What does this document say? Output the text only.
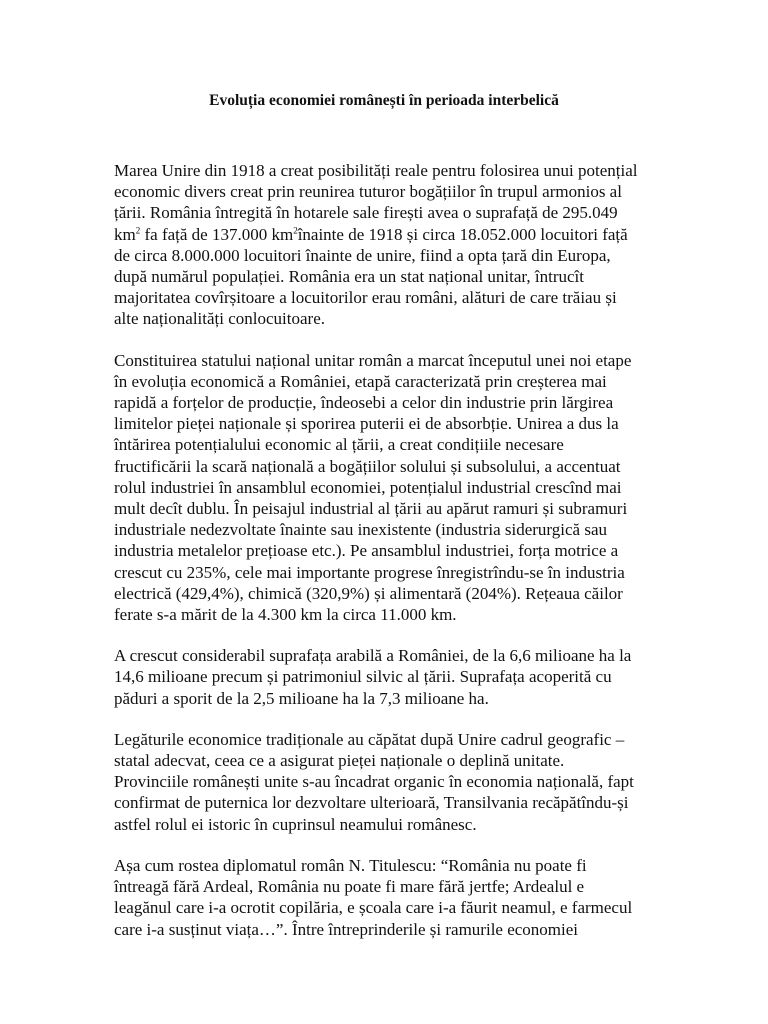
Evoluția economiei românești în perioada interbelică

Marea Unire din 1918 a creat posibilități reale pentru folosirea unui potențial
economic divers creat prin reunirea tuturor bogățiilor în trupul armonios al
țării. România întregită în hotarele sale firești avea o suprafață de 295.049
$km^2$ fa față de 137.000 $km^2înainte$ de 1918 și circa 18.052.000 locuitori față
de circa 8.000.000 locuitori înainte de unire, fiind a opta țară din Europa,
după numărul populației. România era un stat național unitar, întrucît
majoritatea covîrșitoare a locuitorilor erau români, alături de care trăiau și
alte naționalități conlocuitoare.

Constituirea statului național unitar român a marcat începutul unei noi etape
în evoluția economică a României, etapă caracterizată prin creșterea mai
rapidă a forțelor de producție, îndeosebi a celor din industrie prin lărgirea
limitelor pieței naționale și sporirea puterii ei de absorbție. Unirea a dus la
întărirea potențialului economic al țării, a creat condițiile necesare
fructificării la scară națională a bogățiilor solului și subsolului, a accentuat
rolul industriei în ansamblul economiei, potențialul industrial crescînd mai
mult decît dublu. În peisajul industrial al țării au apărut ramuri și subramuri
industriale nedezvoltate înainte sau inexistente (industria siderurgică sau
industria metalelor prețioase etc.). Pe ansamblul industriei, forța motrice a
crescut cu 235%, cele mai importante progrese înregistrîndu-se în industria
electrică (429,4%), chimică (320,9%) și alimentară (204%). Rețeaua căilor
ferate s-a mărit de la 4.300 km la circa 11.000 km.

A crescut considerabil suprafața arabilă a României, de la 6,6 milioane ha la
14,6 milioane precum și patrimoniul silvic al țării. Suprafața acoperită cu
păduri a sporit de la 2,5 milioane ha la 7,3 milioane ha.

Legăturile economice tradiționale au căpătat după Unire cadrul geografic –
statal adecvat, ceea ce a asigurat pieței naționale o deplină unitate.
Provinciile românești unite s-au încadrat organic în economia națională, fapt
confirmat de puternica lor dezvoltare ulterioară, Transilvania recăpătîndu-și
astfel rolul ei istoric în cuprinsul neamului românesc.

Așa cum rostea diplomatul român N. Titulescu: “România nu poate fi
întreagă fără Ardeal, România nu poate fi mare fără jertfe; Ardealul e
leagănul care i-a ocrotit copilăria, e școala care i-a făurit neamul, e farmecul
care i-a susținut viața…”. Între întreprinderile și ramurile economiei
